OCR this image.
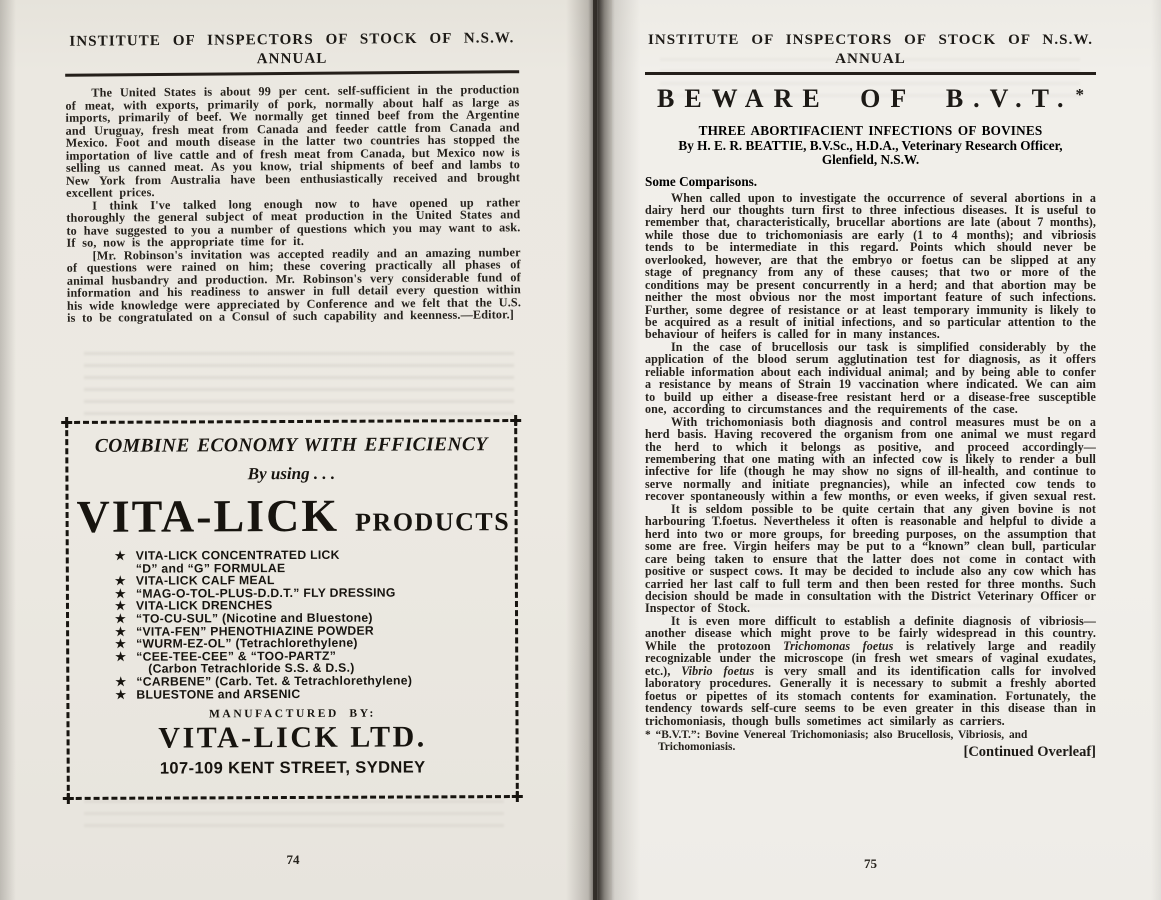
INSTITUTE OF INSPECTORS OF STOCK OF N.S.W. ANNUAL

The United States is about 99 per cent. self-sufficient in the production of meat, with exports, primarily of pork, normally about half as large as imports, primarily of beef. We normally get tinned beef from the Argentine and Uruguay, fresh meat from Canada and feeder cattle from Canada and Mexico. Foot and mouth disease in the latter two countries has stopped the importation of live cattle and of fresh meat from Canada, but Mexico now is selling us canned meat. As you know, trial shipments of beef and lambs to New York from Australia have been enthusiastically received and brought excellent prices.

I think I've talked long enough now to have opened up rather thoroughly the general subject of meat production in the United States and to have suggested to you a number of questions which you may want to ask. If so, now is the appropriate time for it.

[Mr. Robinson's invitation was accepted readily and an amazing number of questions were rained on him; these covering practically all phases of animal husbandry and production. Mr. Robinson's very considerable fund of information and his readiness to answer in full detail every question within his wide knowledge were appreciated by Conference and we felt that the U.S. is to be congratulated on a Consul of such capability and keenness.—Editor.]

COMBINE ECONOMY WITH EFFICIENCY
By using . . .
VITA-LICK PRODUCTS
★ VITA-LICK CONCENTRATED LICK
“D” and “G” FORMULAE
★ VITA-LICK CALF MEAL
★ “MAG-O-TOL-PLUS-D.D.T.” FLY DRESSING
★ VITA-LICK DRENCHES
★ “TO-CU-SUL” (Nicotine and Bluestone)
★ “VITA-FEN” PHENOTHIAZINE POWDER
★ “WURM-EZ-OL” (Tetrachlorethylene)
★ “CEE-TEE-CEE” & “TOO-PARTZ”
(Carbon Tetrachloride S.S. & D.S.)
★ “CARBENE” (Carb. Tet. & Tetrachlorethylene)
★ BLUESTONE and ARSENIC
MANUFACTURED BY:
VITA-LICK LTD.
107-109 KENT STREET, SYDNEY
74
INSTITUTE OF INSPECTORS OF STOCK OF N.S.W. ANNUAL
BEWARE OF B.V.T. *
THREE ABORTIFACIENT INFECTIONS OF BOVINES
By H. E. R. BEATTIE, B.V.Sc., H.D.A., Veterinary Research Officer,
Glenfield, N.S.W.
Some Comparisons.

When called upon to investigate the occurrence of several abortions in a dairy herd our thoughts turn first to three infectious diseases. It is useful to remember that, characteristically, brucellar abortions are late (about 7 months), while those due to trichomoniasis are early (1 to 4 months); and vibriosis tends to be intermediate in this regard. Points which should never be overlooked, however, are that the embryo or foetus can be slipped at any stage of pregnancy from any of these causes; that two or more of the conditions may be present concurrently in a herd; and that abortion may be neither the most obvious nor the most important feature of such infections. Further, some degree of resistance or at least temporary immunity is likely to be acquired as a result of initial infections, and so particular attention to the behaviour of heifers is called for in many instances.

In the case of brucellosis our task is simplified considerably by the application of the blood serum agglutination test for diagnosis, as it offers reliable information about each individual animal; and by being able to confer a resistance by means of Strain 19 vaccination where indicated. We can aim to build up either a disease-free resistant herd or a disease-free susceptible one, according to circumstances and the requirements of the case.

With trichomoniasis both diagnosis and control measures must be on a herd basis. Having recovered the organism from one animal we must regard the herd to which it belongs as positive, and proceed accordingly—remembering that one mating with an infected cow is likely to render a bull infective for life (though he may show no signs of ill-health, and continue to serve normally and initiate pregnancies), while an infected cow tends to recover spontaneously within a few months, or even weeks, if given sexual rest.

It is seldom possible to be quite certain that any given bovine is not harbouring T.foetus. Nevertheless it often is reasonable and helpful to divide a herd into two or more groups, for breeding purposes, on the assumption that some are free. Virgin heifers may be put to a “known” clean bull, particular care being taken to ensure that the latter does not come in contact with positive or suspect cows. It may be decided to include also any cow which has carried her last calf to full term and then been rested for three months. Such decision should be made in consultation with the District Veterinary Officer or Inspector of Stock.

It is even more difficult to establish a definite diagnosis of vibriosis—another disease which might prove to be fairly widespread in this country. While the protozoon Trichomonas foetus is relatively large and readily recognizable under the microscope (in fresh wet smears of vaginal exudates, etc.), Vibrio foetus is very small and its identification calls for involved laboratory procedures. Generally it is necessary to submit a freshly aborted foetus or pipettes of its stomach contents for examination. Fortunately, the tendency towards self-cure seems to be even greater in this disease than in trichomoniasis, though bulls sometimes act similarly as carriers.

* “B.V.T.”: Bovine Venereal Trichomoniasis; also Brucellosis, Vibriosis, and Trichomoniasis.	[Continued Overleaf]
75
